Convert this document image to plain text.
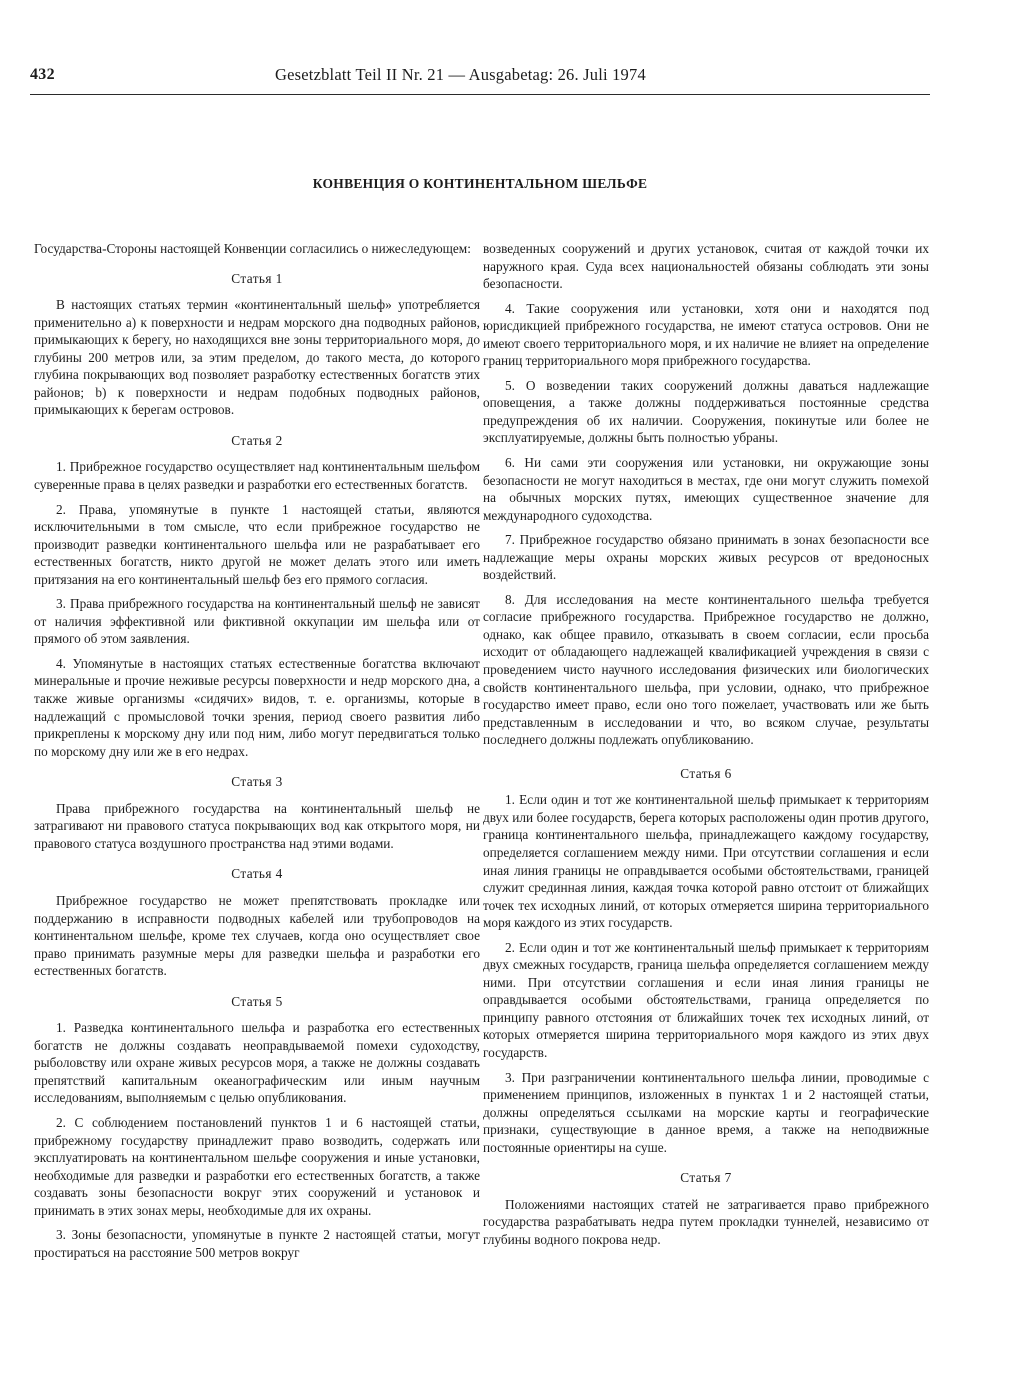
432	Gesetzblatt Teil II Nr. 21 — Ausgabetag: 26. Juli 1974
КОНВЕНЦИЯ О КОНТИНЕНТАЛЬНОМ ШЕЛЬФЕ

Государства-Стороны настоящей Конвенции согласились о нижеследующем:

Статья 1

В настоящих статьях термин «континентальный шельф» употребляется применительно а) к поверхности и недрам морского дна подводных районов, примыкающих к берегу, но находящихся вне зоны территориального моря, до глубины 200 метров или, за этим пределом, до такого места, до которого глубина покрывающих вод позволяет разработку естественных богатств этих районов; b) к поверхности и недрам подобных подводных районов, примыкающих к берегам островов.

Статья 2

1. Прибрежное государство осуществляет над континентальным шельфом суверенные права в целях разведки и разработки его естественных богатств.

2. Права, упомянутые в пункте 1 настоящей статьи, являются исключительными в том смысле, что если прибрежное государство не производит разведки континентального шельфа или не разрабатывает его естественных богатств, никто другой не может делать этого или иметь притязания на его континентальный шельф без его прямого согласия.

3. Права прибрежного государства на континентальный шельф не зависят от наличия эффективной или фиктивной оккупации им шельфа или от прямого об этом заявления.

4. Упомянутые в настоящих статьях естественные богатства включают минеральные и прочие неживые ресурсы поверхности и недр морского дна, а также живые организмы «сидячих» видов, т. е. организмы, которые в надлежащий с промысловой точки зрения, период своего развития либо прикреплены к морскому дну или под ним, либо могут передвигаться только по морскому дну или же в его недрах.

Статья 3

Права прибрежного государства на континентальный шельф не затрагивают ни правового статуса покрывающих вод как открытого моря, ни правового статуса воздушного пространства над этими водами.

Статья 4

Прибрежное государство не может препятствовать прокладке или поддержанию в исправности подводных кабелей или трубопроводов на континентальном шельфе, кроме тех случаев, когда оно осуществляет свое право принимать разумные меры для разведки шельфа и разработки его естественных богатств.

Статья 5

1. Разведка континентального шельфа и разработка его естественных богатств не должны создавать неоправдываемой помехи судоходству, рыболовству или охране живых ресурсов моря, а также не должны создавать препятствий капитальным океанографическим или иным научным исследованиям, выполняемым с целью опубликования.

2. С соблюдением постановлений пунктов 1 и 6 настоящей статьи, прибрежному государству принадлежит право возводить, содержать или эксплуатировать на континентальном шельфе сооружения и иные установки, необходимые для разведки и разработки его естественных богатств, а также создавать зоны безопасности вокруг этих сооружений и установок и принимать в этих зонах меры, необходимые для их охраны.

3. Зоны безопасности, упомянутые в пункте 2 настоящей статьи, могут простираться на расстояние 500 метров вокруг

возведенных сооружений и других установок, считая от каждой точки их наружного края. Суда всех национальностей обязаны соблюдать эти зоны безопасности.

4. Такие сооружения или установки, хотя они и находятся под юрисдикцией прибрежного государства, не имеют статуса островов. Они не имеют своего территориального моря, и их наличие не влияет на определение границ территориального моря прибрежного государства.

5. О возведении таких сооружений должны даваться надлежащие оповещения, а также должны поддерживаться постоянные средства предупреждения об их наличии. Сооружения, покинутые или более не эксплуатируемые, должны быть полностью убраны.

6. Ни сами эти сооружения или установки, ни окружающие зоны безопасности не могут находиться в местах, где они могут служить помехой на обычных морских путях, имеющих существенное значение для международного судоходства.

7. Прибрежное государство обязано принимать в зонах безопасности все надлежащие меры охраны морских живых ресурсов от вредоносных воздействий.

8. Для исследования на месте континентального шельфа требуется согласие прибрежного государства. Прибрежное государство не должно, однако, как общее правило, отказывать в своем согласии, если просьба исходит от обладающего надлежащей квалификацией учреждения в связи с проведением чисто научного исследования физических или биологических свойств континентального шельфа, при условии, однако, что прибрежное государство имеет право, если оно того пожелает, участвовать или же быть представленным в исследовании и что, во всяком случае, результаты последнего должны подлежать опубликованию.

Статья 6

1. Если один и тот же континентальной шельф примыкает к территориям двух или более государств, берега которых расположены один против другого, граница континентального шельфа, принадлежащего каждому государству, определяется соглашением между ними. При отсутствии соглашения и если иная линия границы не оправдывается особыми обстоятельствами, границей служит срединная линия, каждая точка которой равно отстоит от ближайщих точек тех исходных линий, от которых отмеряется ширина территориального моря каждого из этих государств.

2. Если один и тот же континентальный шельф примыкает к территориям двух смежных государств, граница шельфа определяется соглашением между ними. При отсутствии соглашения и если иная линия границы не оправдывается особыми обстоятельствами, граница определяется по принципу равного отстояния от ближайших точек тех исходных линий, от которых отмеряется ширина территориального моря каждого из этих двух государств.

3. При разграничении континентального шельфа линии, проводимые с применением принципов, изложенных в пунктах 1 и 2 настоящей статьи, должны определяться ссылками на морские карты и географические признаки, существующие в данное время, а также на неподвижные постоянные ориентиры на суше.

Статья 7

Положениями настоящих статей не затрагивается право прибрежного государства разрабатывать недра путем прокладки туннелей, независимо от глубины водного покрова недр.
